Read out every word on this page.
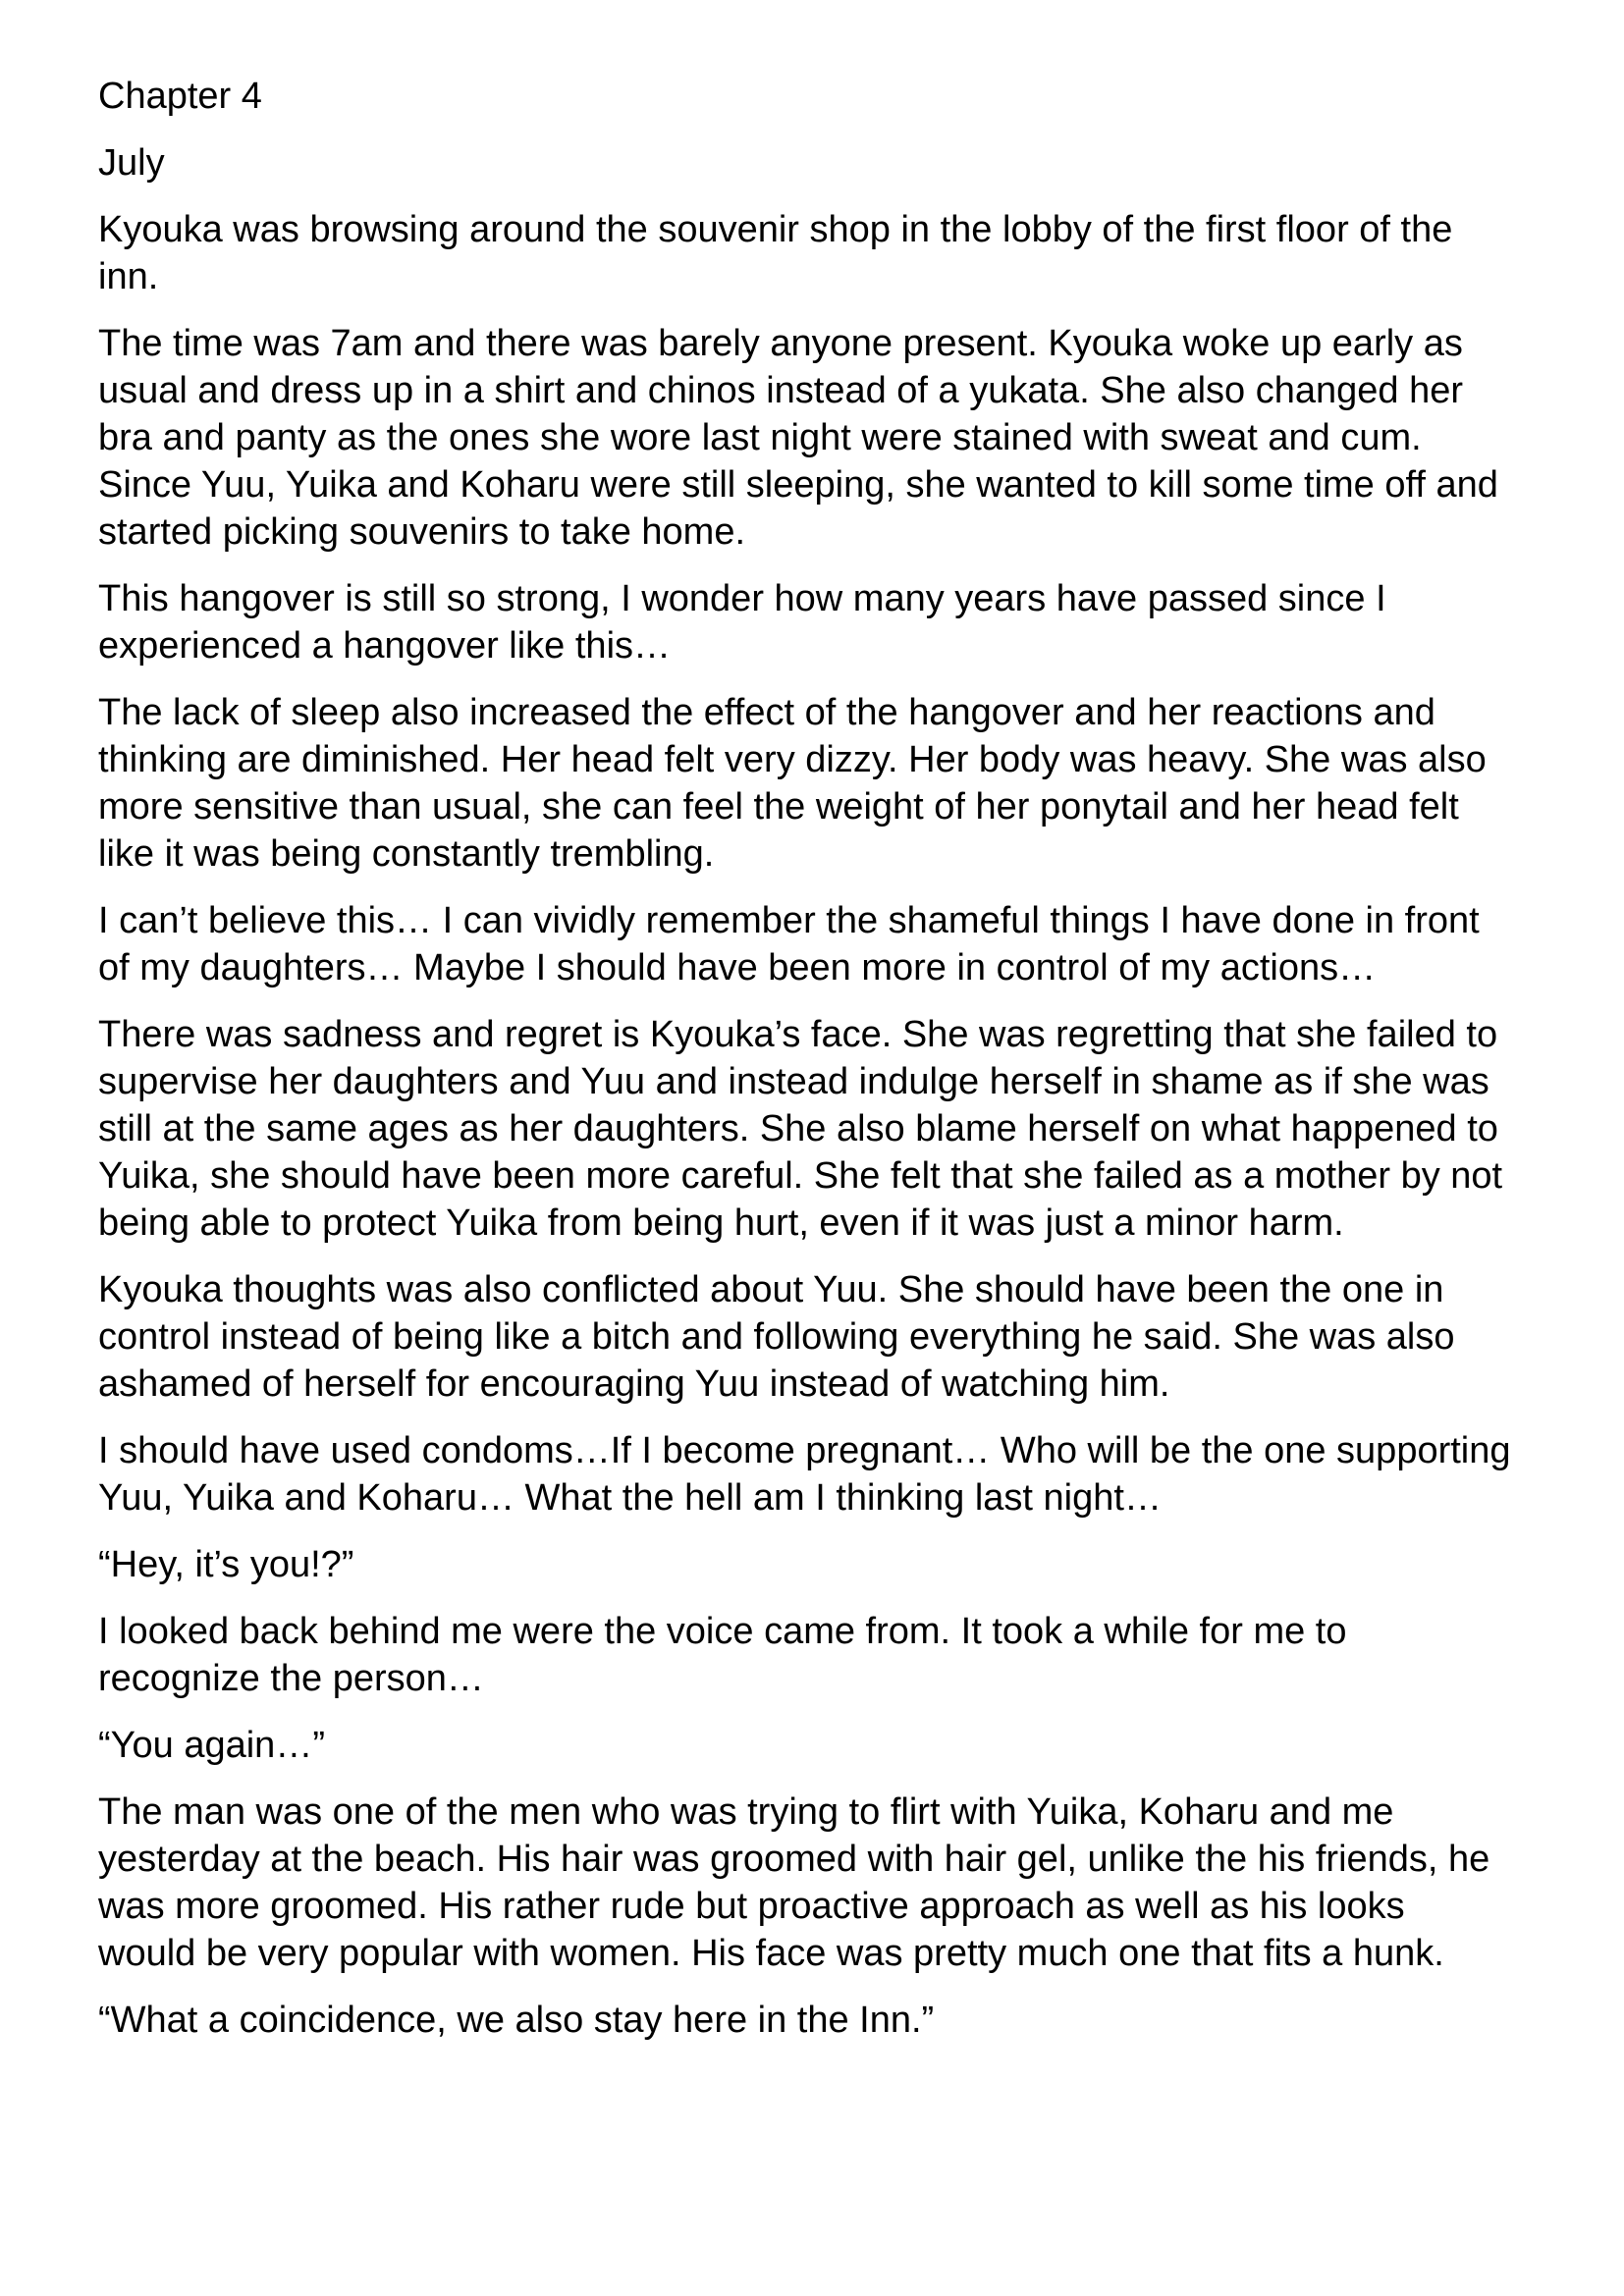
Chapter 4

July

Kyouka was browsing around the souvenir shop in the lobby of the first floor of the inn.

The time was 7am and there was barely anyone present. Kyouka woke up early as usual and dress up in a shirt and chinos instead of a yukata. She also changed her bra and panty as the ones she wore last night were stained with sweat and cum. Since Yuu, Yuika and Koharu were still sleeping, she wanted to kill some time off and started picking souvenirs to take home.

This hangover is still so strong, I wonder how many years have passed since I experienced a hangover like this…

The lack of sleep also increased the effect of the hangover and her reactions and thinking are diminished. Her head felt very dizzy. Her body was heavy. She was also more sensitive than usual, she can feel the weight of her ponytail and her head felt like it was being constantly trembling.

I can’t believe this… I can vividly remember the shameful things I have done in front of my daughters… Maybe I should have been more in control of my actions…

There was sadness and regret is Kyouka’s face. She was regretting that she failed to supervise her daughters and Yuu and instead indulge herself in shame as if she was still at the same ages as her daughters. She also blame herself on what happened to Yuika, she should have been more careful. She felt that she failed as a mother by not being able to protect Yuika from being hurt, even if it was just a minor harm.

Kyouka thoughts was also conflicted about Yuu. She should have been the one in control instead of being like a bitch and following everything he said. She was also ashamed of herself for encouraging Yuu instead of watching him.

I should have used condoms…If I become pregnant… Who will be the one supporting Yuu, Yuika and Koharu… What the hell am I thinking last night…

“Hey, it’s you!?”

I looked back behind me were the voice came from. It took a while for me to recognize the person…

“You again…”

The man was one of the men who was trying to flirt with Yuika, Koharu and me yesterday at the beach. His hair was groomed with hair gel, unlike the his friends, he was more groomed. His rather rude but proactive approach as well as his looks would be very popular with women. His face was pretty much one that fits a hunk.

“What a coincidence, we also stay here in the Inn.”
